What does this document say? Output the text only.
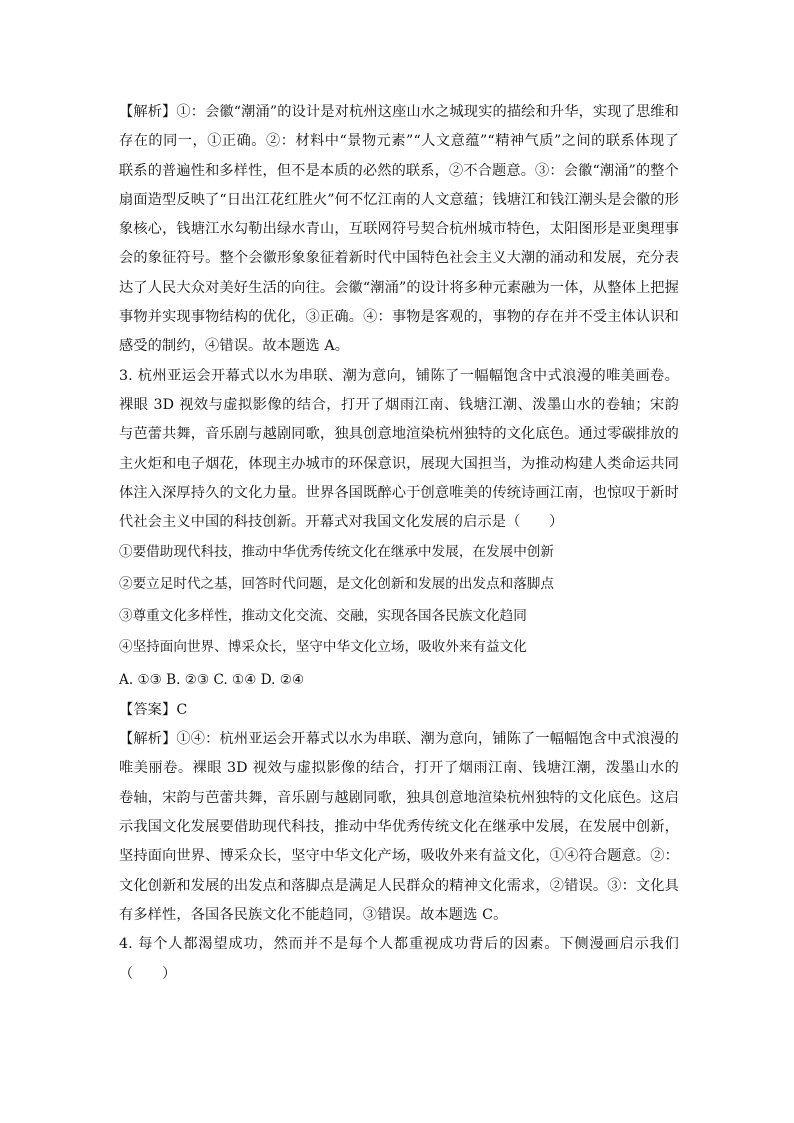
【解析】①：会徽“潮涌”的设计是对杭州这座山水之城现实的描绘和升华，实现了思维和存在的同一，①正确。②：材料中“景物元素”“人文意蕴”“精神气质”之间的联系体现了联系的普遍性和多样性，但不是本质的必然的联系，②不合题意。③：会徽“潮涌”的整个扇面造型反映了“日出江花红胜火”何不忆江南的人文意蕴；钱塘江和钱江潮头是会徽的形象核心，钱塘江水勾勒出绿水青山，互联网符号契合杭州城市特色，太阳图形是亚奥理事会的象征符号。整个会徽形象象征着新时代中国特色社会主义大潮的涌动和发展，充分表达了人民大众对美好生活的向往。会徽“潮涌”的设计将多种元素融为一体，从整体上把握事物并实现事物结构的优化，③正确。④：事物是客观的，事物的存在并不受主体认识和感受的制约，④错误。故本题选 A。

3. 杭州亚运会开幕式以水为串联、潮为意向，铺陈了一幅幅饱含中式浪漫的唯美画卷。裸眼 3D 视效与虚拟影像的结合，打开了烟雨江南、钱塘江潮、泼墨山水的卷轴；宋韵与芭蕾共舞，音乐剧与越剧同歌，独具创意地渲染杭州独特的文化底色。通过零碳排放的主火炬和电子烟花，体现主办城市的环保意识，展现大国担当，为推动构建人类命运共同体注入深厚持久的文化力量。世界各国既醉心于创意唯美的传统诗画江南，也惊叹于新时代社会主义中国的科技创新。开幕式对我国文化发展的启示是（　　）

①要借助现代科技，推动中华优秀传统文化在继承中发展，在发展中创新

②要立足时代之基，回答时代问题，是文化创新和发展的出发点和落脚点

③尊重文化多样性，推动文化交流、交融，实现各国各民族文化趋同

④坚持面向世界、博采众长，坚守中华文化立场，吸收外来有益文化

A. ①③ B. ②③ C. ①④ D. ②④

【答案】C

【解析】①④：杭州亚运会开幕式以水为串联、潮为意向，铺陈了一幅幅饱含中式浪漫的唯美丽卷。裸眼 3D 视效与虚拟影像的结合，打开了烟雨江南、钱塘江潮，泼墨山水的卷轴，宋韵与芭蕾共舞，音乐剧与越剧同歌，独具创意地渲染杭州独特的文化底色。这启示我国文化发展要借助现代科技，推动中华优秀传统文化在继承中发展，在发展中创新，坚持面向世界、博采众长，坚守中华文化产场，吸收外来有益文化，①④符合题意。②：文化创新和发展的出发点和落脚点是满足人民群众的精神文化需求，②错误。③：文化具有多样性，各国各民族文化不能趋同，③错误。故本题选 C。

4. 每个人都渴望成功，然而并不是每个人都重视成功背后的因素。下侧漫画启示我们（　　）
